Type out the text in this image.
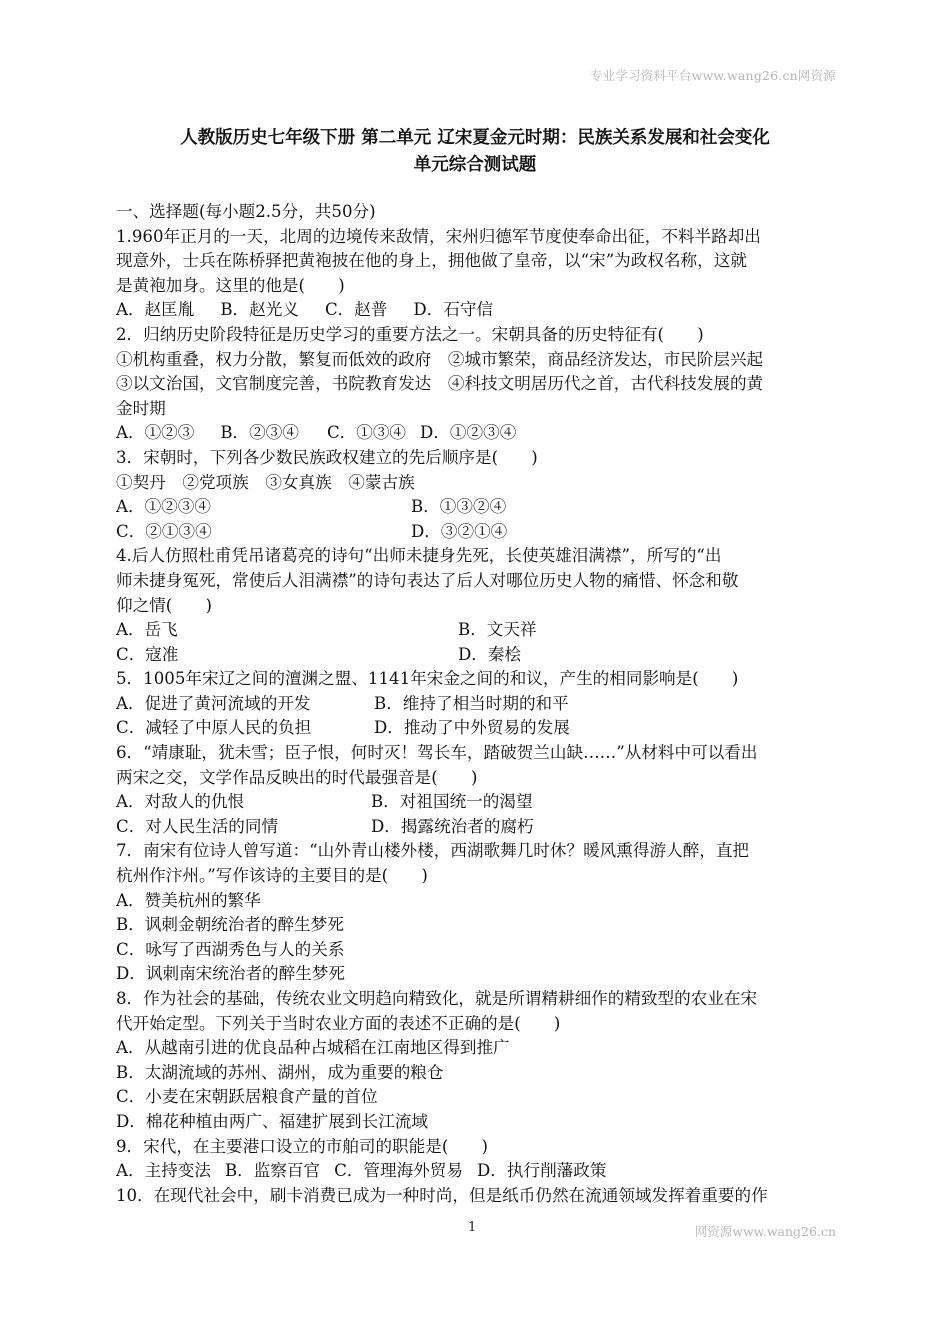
专业学习资料平台www.wang26.cn网资源
人教版历史七年级下册 第二单元 辽宋夏金元时期：民族关系发展和社会变化
单元综合测试题
一、选择题(每小题2.5分，共50分)
1.960年正月的一天，北周的边境传来敌情，宋州归德军节度使奉命出征，不料半路却出
现意外，士兵在陈桥驿把黄袍披在他的身上，拥他做了皇帝，以“宋”为政权名称，这就
是黄袍加身。这里的他是(　　)
A．赵匡胤 B．赵光义 C．赵普 D．石守信
2．归纳历史阶段特征是历史学习的重要方法之一。宋朝具备的历史特征有(　　)
①机构重叠，权力分散，繁复而低效的政府　②城市繁荣，商品经济发达，市民阶层兴起
③以文治国，文官制度完善，书院教育发达　④科技文明居历代之首，古代科技发展的黄
金时期
A．①②③ B．②③④ C．①③④ D．①②③④
3．宋朝时，下列各少数民族政权建立的先后顺序是(　　)
①契丹　②党项族　③女真族　④蒙古族
A．①②③④	B．①③②④
C．②①③④	D．③②①④
4.后人仿照杜甫凭吊诸葛亮的诗句“出师未捷身先死，长使英雄泪满襟”，所写的“出
师未捷身冤死，常使后人泪满襟”的诗句表达了后人对哪位历史人物的痛惜、怀念和敬
仰之情(　　)
A．岳飞	B．文天祥
C．寇准	D．秦桧
5．1005年宋辽之间的澶渊之盟、1141年宋金之间的和议，产生的相同影响是(　　)
A．促进了黄河流域的开发	B．维持了相当时期的和平
C．减轻了中原人民的负担	D．推动了中外贸易的发展
6．“靖康耻，犹未雪；臣子恨，何时灭！驾长车，踏破贺兰山缺……”从材料中可以看出
两宋之交，文学作品反映出的时代最强音是(　　)
A．对敌人的仇恨	B．对祖国统一的渴望
C．对人民生活的同情	D．揭露统治者的腐朽
7．南宋有位诗人曾写道：“山外青山楼外楼，西湖歌舞几时休？暖风熏得游人醉，直把
杭州作汴州。”写作该诗的主要目的是(　　)
A．赞美杭州的繁华
B．讽刺金朝统治者的醉生梦死
C．咏写了西湖秀色与人的关系
D．讽刺南宋统治者的醉生梦死
8．作为社会的基础，传统农业文明趋向精致化，就是所谓精耕细作的精致型的农业在宋
代开始定型。下列关于当时农业方面的表述不正确的是(　　)
A．从越南引进的优良品种占城稻在江南地区得到推广
B．太湖流域的苏州、湖州，成为重要的粮仓
C．小麦在宋朝跃居粮食产量的首位
D．棉花种植由两广、福建扩展到长江流域
9．宋代，在主要港口设立的市舶司的职能是(　　)
A．主持变法 B．监察百官 C．管理海外贸易 D．执行削藩政策
10．在现代社会中，刷卡消费已成为一种时尚，但是纸币仍然在流通领域发挥着重要的作
1	网资源www.wang26.cn
